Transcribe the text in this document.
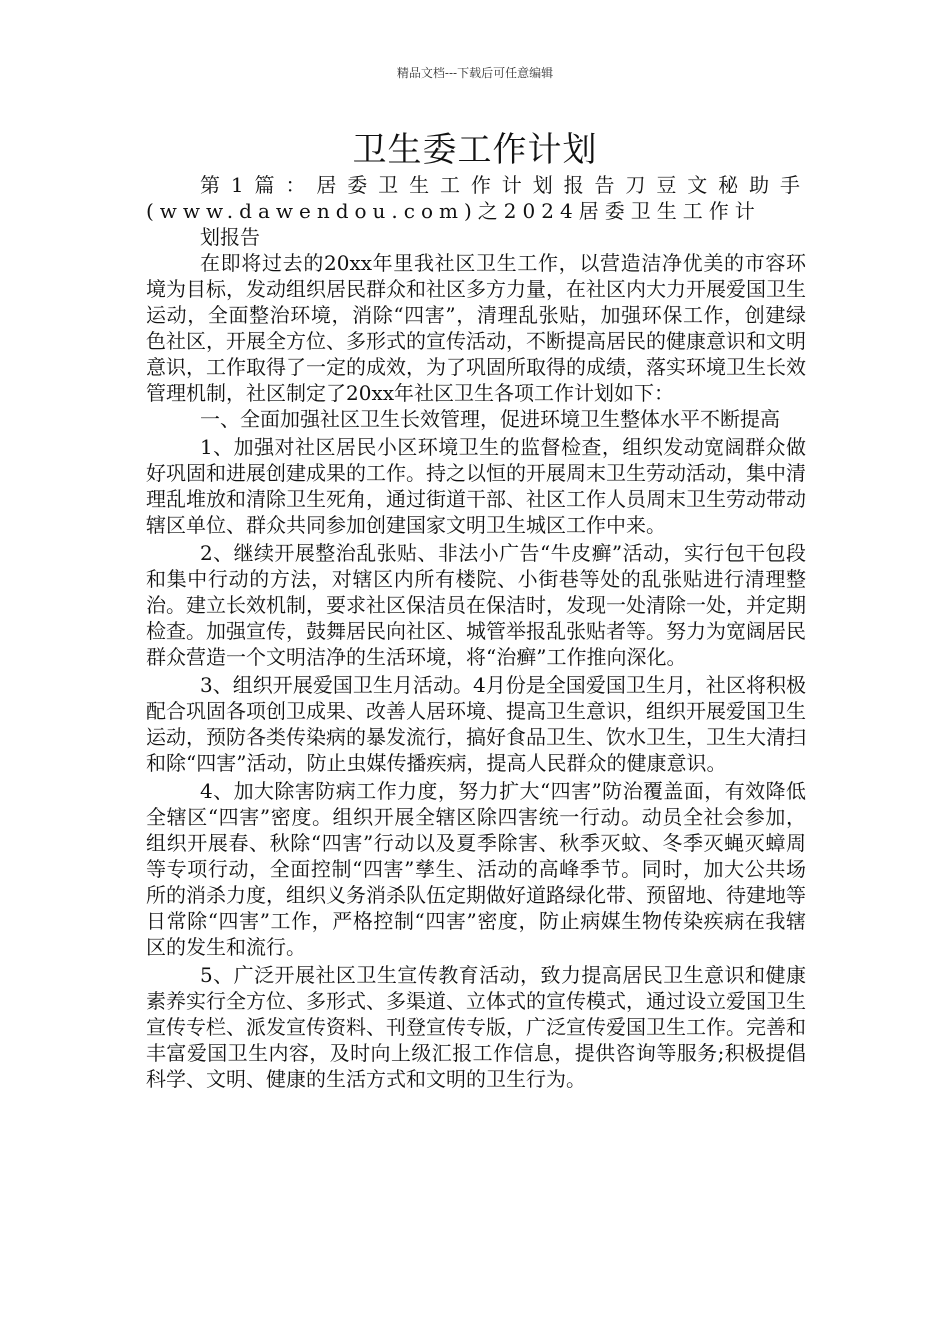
精品文档---下载后可任意编辑
卫生委工作计划

第1篇：居委卫生工作计划报告刀豆文秘助手(www.dawendou.com)之2024居委卫生工作计

划报告

在即将过去的20xx年里我社区卫生工作，以营造洁净优美的市容环境为目标，发动组织居民群众和社区多方力量，在社区内大力开展爱国卫生运动，全面整治环境，消除“四害”，清理乱张贴，加强环保工作，创建绿色社区，开展全方位、多形式的宣传活动，不断提高居民的健康意识和文明意识，工作取得了一定的成效，为了巩固所取得的成绩，落实环境卫生长效管理机制，社区制定了20xx年社区卫生各项工作计划如下：

一、全面加强社区卫生长效管理，促进环境卫生整体水平不断提高

1、加强对社区居民小区环境卫生的监督检查，组织发动宽阔群众做好巩固和进展创建成果的工作。持之以恒的开展周末卫生劳动活动，集中清理乱堆放和清除卫生死角，通过街道干部、社区工作人员周末卫生劳动带动辖区单位、群众共同参加创建国家文明卫生城区工作中来。

2、继续开展整治乱张贴、非法小广告“牛皮癣”活动，实行包干包段和集中行动的方法，对辖区内所有楼院、小街巷等处的乱张贴进行清理整治。建立长效机制，要求社区保洁员在保洁时，发现一处清除一处，并定期检查。加强宣传，鼓舞居民向社区、城管举报乱张贴者等。努力为宽阔居民群众营造一个文明洁净的生活环境，将“治癣”工作推向深化。

3、组织开展爱国卫生月活动。4月份是全国爱国卫生月，社区将积极配合巩固各项创卫成果、改善人居环境、提高卫生意识，组织开展爱国卫生运动，预防各类传染病的暴发流行，搞好食品卫生、饮水卫生，卫生大清扫和除“四害”活动，防止虫媒传播疾病，提高人民群众的健康意识。

4、加大除害防病工作力度，努力扩大“四害”防治覆盖面，有效降低全辖区“四害”密度。组织开展全辖区除四害统一行动。动员全社会参加，组织开展春、秋除“四害”行动以及夏季除害、秋季灭蚊、冬季灭蝇灭蟑周等专项行动，全面控制“四害”孳生、活动的高峰季节。同时，加大公共场所的消杀力度，组织义务消杀队伍定期做好道路绿化带、预留地、待建地等日常除“四害”工作，严格控制“四害”密度，防止病媒生物传染疾病在我辖区的发生和流行。

5、广泛开展社区卫生宣传教育活动，致力提高居民卫生意识和健康素养实行全方位、多形式、多渠道、立体式的宣传模式，通过设立爱国卫生宣传专栏、派发宣传资料、刊登宣传专版，广泛宣传爱国卫生工作。完善和丰富爱国卫生内容，及时向上级汇报工作信息，提供咨询等服务;积极提倡科学、文明、健康的生活方式和文明的卫生行为。
